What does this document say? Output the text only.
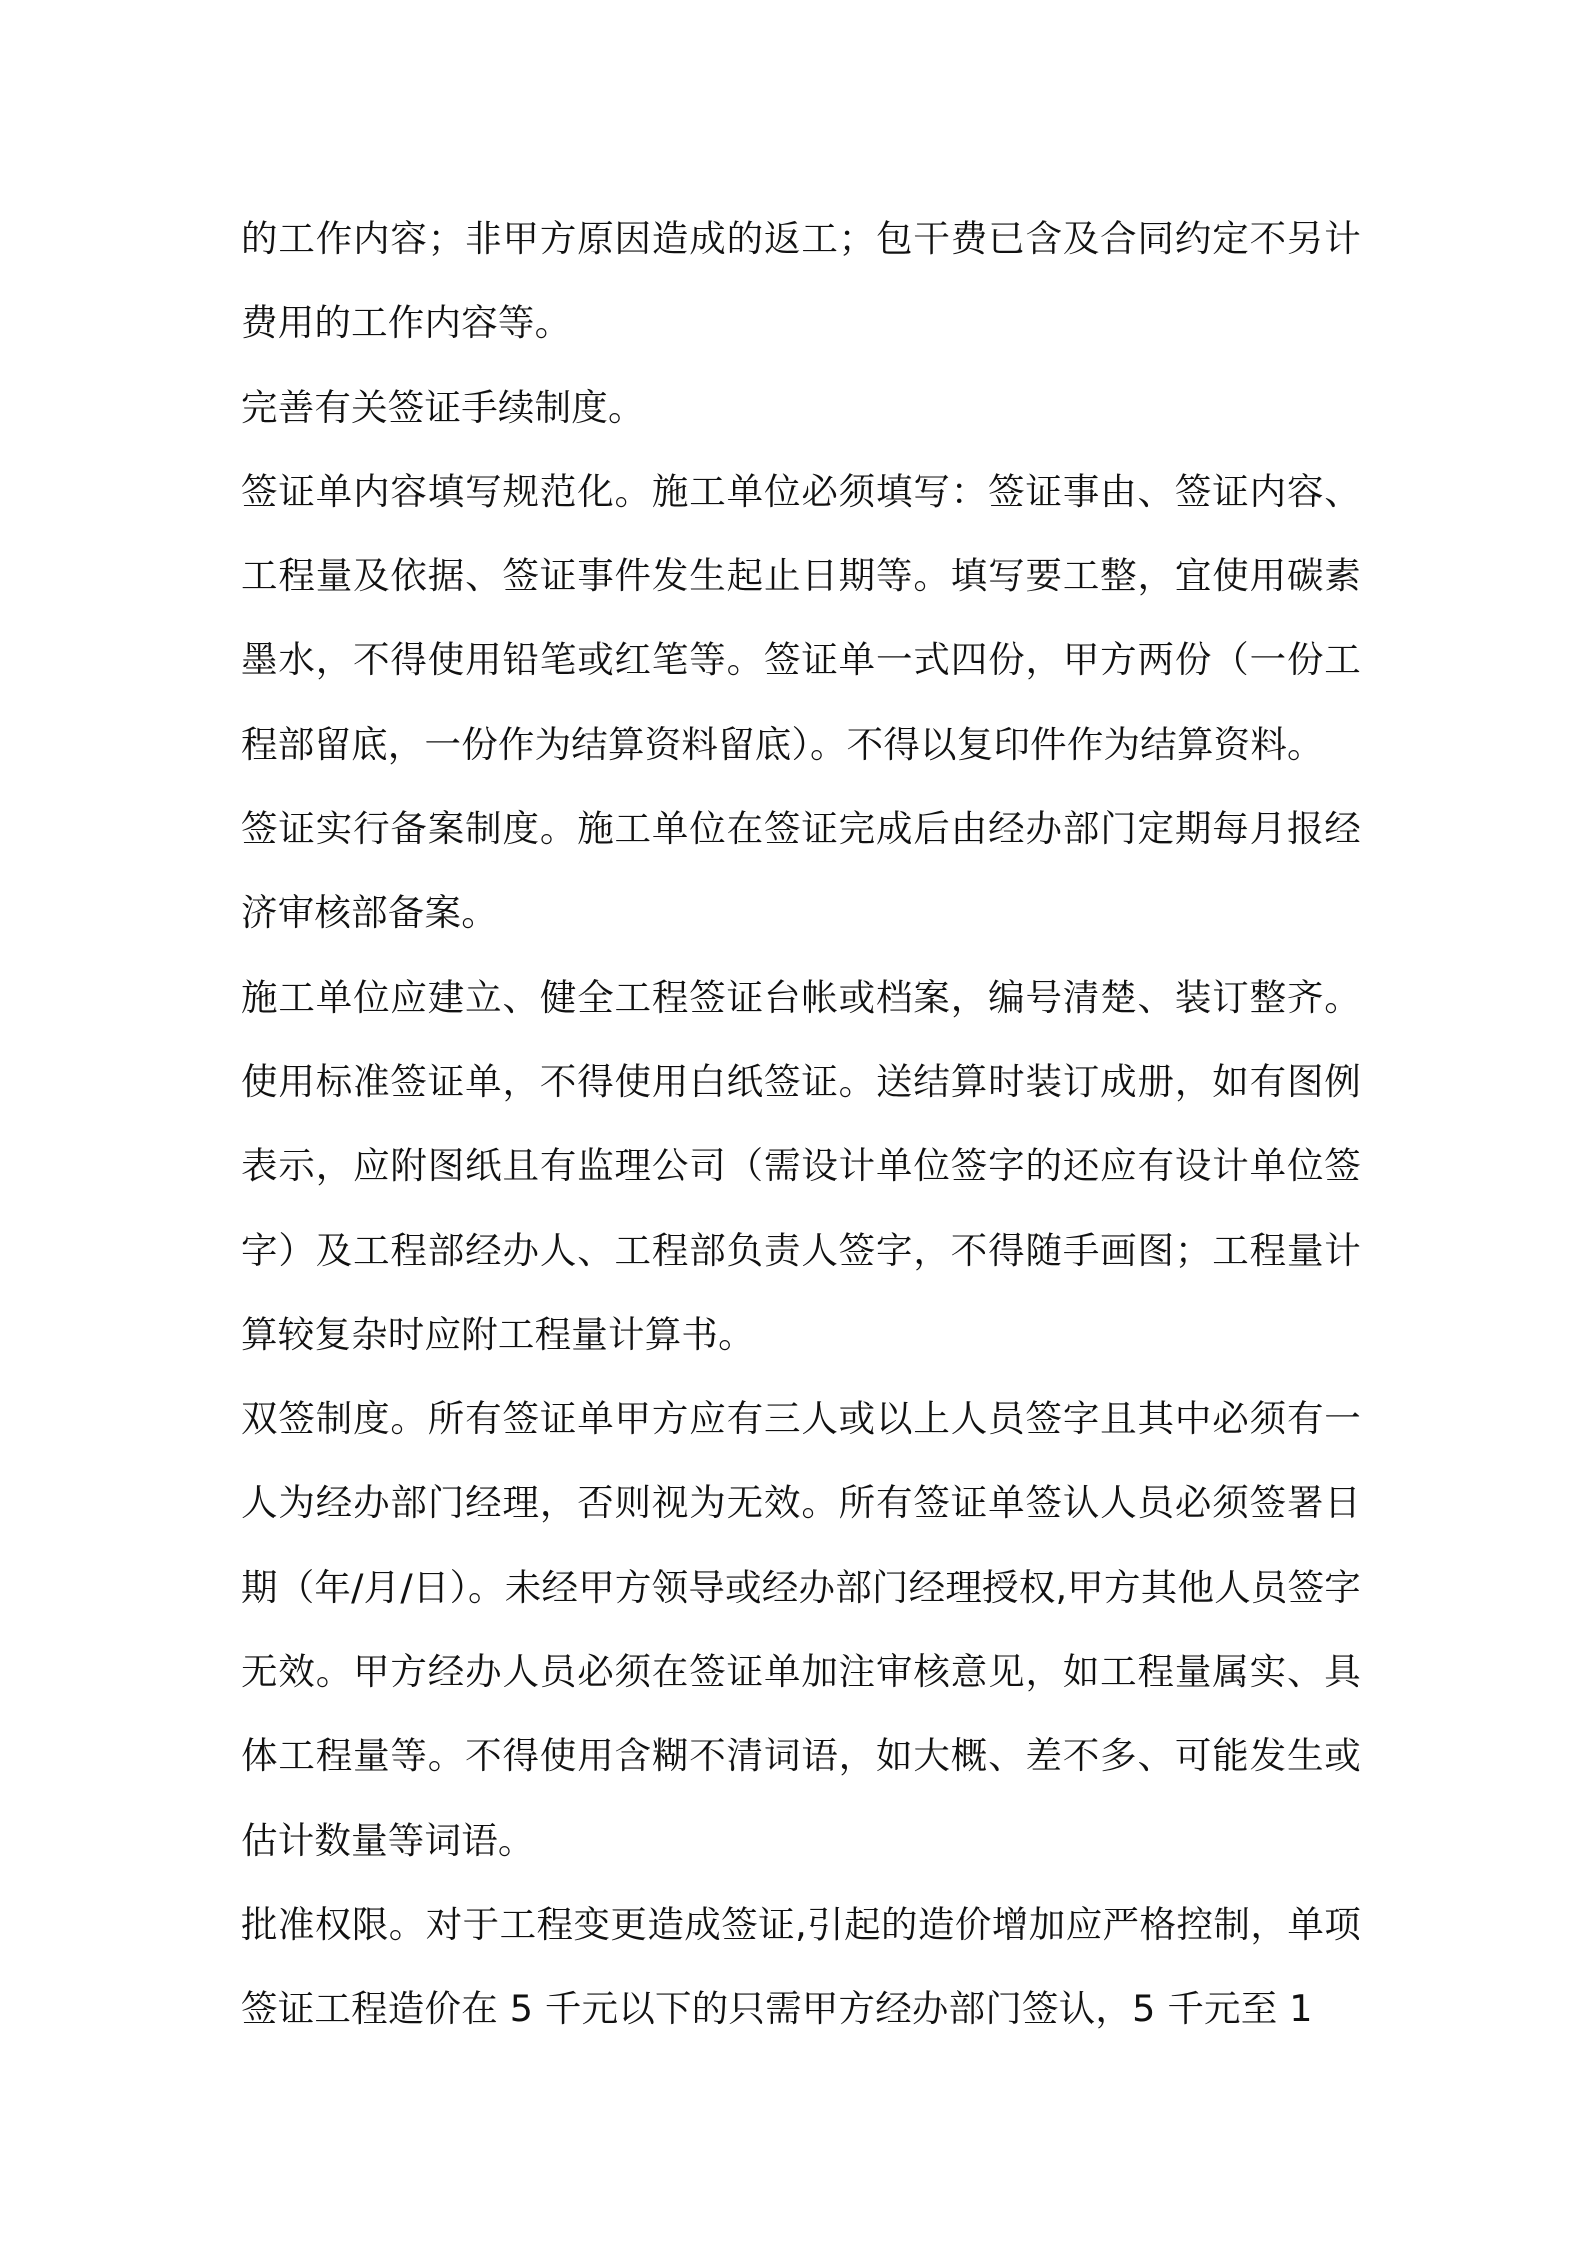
的工作内容；非甲方原因造成的返工；包干费已含及合同约定不另计费用的工作内容等。

完善有关签证手续制度。

签证单内容填写规范化。施工单位必须填写：签证事由、签证内容、工程量及依据、签证事件发生起止日期等。填写要工整，宜使用碳素墨水，不得使用铅笔或红笔等。签证单一式四份，甲方两份（一份工程部留底，一份作为结算资料留底）。不得以复印件作为结算资料。

签证实行备案制度。施工单位在签证完成后由经办部门定期每月报经济审核部备案。

施工单位应建立、健全工程签证台帐或档案，编号清楚、装订整齐。使用标准签证单，不得使用白纸签证。送结算时装订成册，如有图例表示，应附图纸且有监理公司（需设计单位签字的还应有设计单位签字）及工程部经办人、工程部负责人签字，不得随手画图；工程量计算较复杂时应附工程量计算书。

双签制度。所有签证单甲方应有三人或以上人员签字且其中必须有一人为经办部门经理，否则视为无效。所有签证单签认人员必须签署日期（年/月/日）。未经甲方领导或经办部门经理授权,甲方其他人员签字无效。甲方经办人员必须在签证单加注审核意见，如工程量属实、具体工程量等。不得使用含糊不清词语，如大概、差不多、可能发生或估计数量等词语。

批准权限。对于工程变更造成签证,引起的造价增加应严格控制，单项签证工程造价在 5 千元以下的只需甲方经办部门签认，5 千元至 1
